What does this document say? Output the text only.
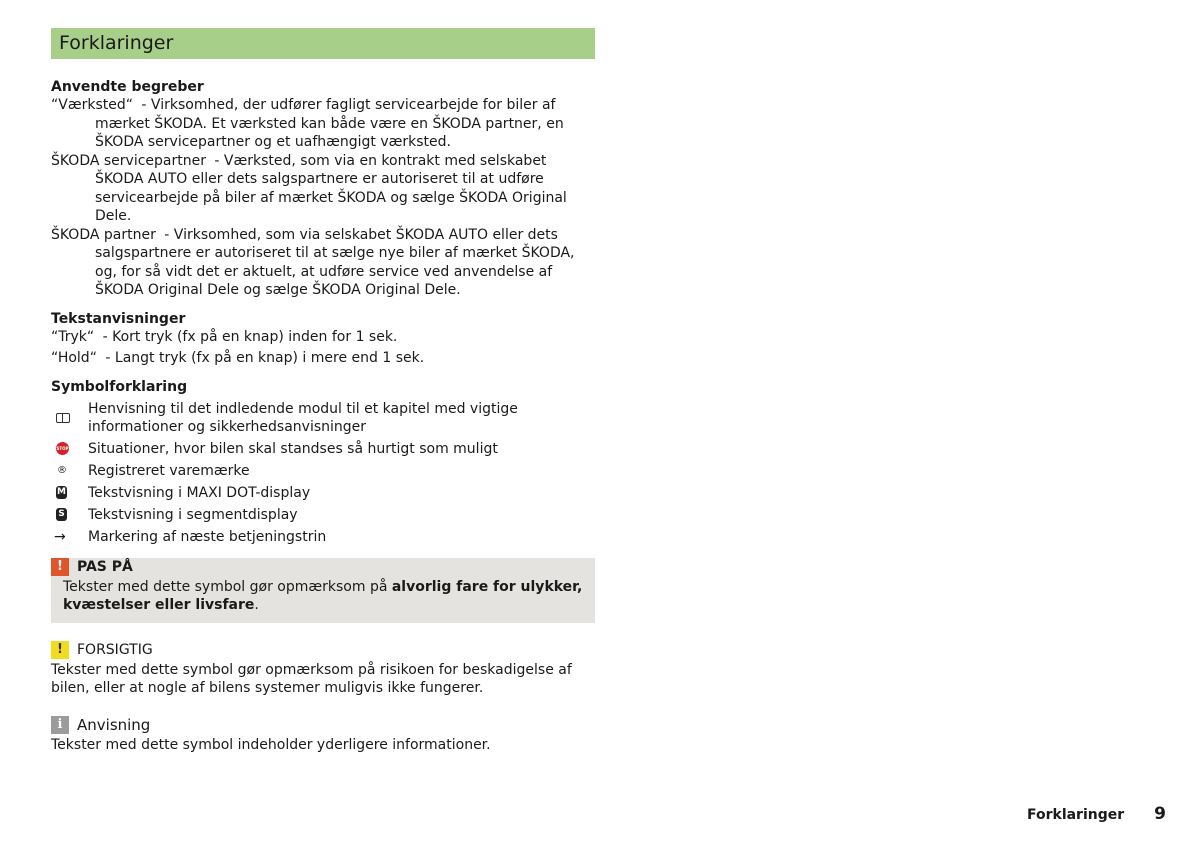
Forklaringer
Anvendte begreber
“Værksted“ - Virksomhed, der udfører fagligt servicearbejde for biler af mærket ŠKODA. Et værksted kan både være en ŠKODA partner, en ŠKODA servicepartner og et uafhængigt værksted.
ŠKODA servicepartner - Værksted, som via en kontrakt med selskabet ŠKODA AUTO eller dets salgspartnere er autoriseret til at udføre servicearbejde på biler af mærket ŠKODA og sælge ŠKODA Original Dele.
ŠKODA partner - Virksomhed, som via selskabet ŠKODA AUTO eller dets salgspartnere er autoriseret til at sælge nye biler af mærket ŠKODA, og, for så vidt det er aktuelt, at udføre service ved anvendelse af ŠKODA Original Dele og sælge ŠKODA Original Dele.
Tekstanvisninger
“Tryk“ - Kort tryk (fx på en knap) inden for 1 sek.
“Hold“ - Langt tryk (fx på en knap) i mere end 1 sek.
Symbolforklaring
Henvisning til det indledende modul til et kapitel med vigtige informationer og sikkerhedsanvisninger
STOP Situationer, hvor bilen skal standses så hurtigt som muligt
® Registreret varemærke
M Tekstvisning i MAXI DOT-display
S Tekstvisning i segmentdisplay
→ Markering af næste betjeningstrin
!	PAS PÅ
Tekster med dette symbol gør opmærksom på alvorlig fare for ulykker, kvæstelser eller livsfare.
!	FORSIGTIG
Tekster med dette symbol gør opmærksom på risikoen for beskadigelse af bilen, eller at nogle af bilens systemer muligvis ikke fungerer.
i Anvisning
Tekster med dette symbol indeholder yderligere informationer.
Forklaringer 9
